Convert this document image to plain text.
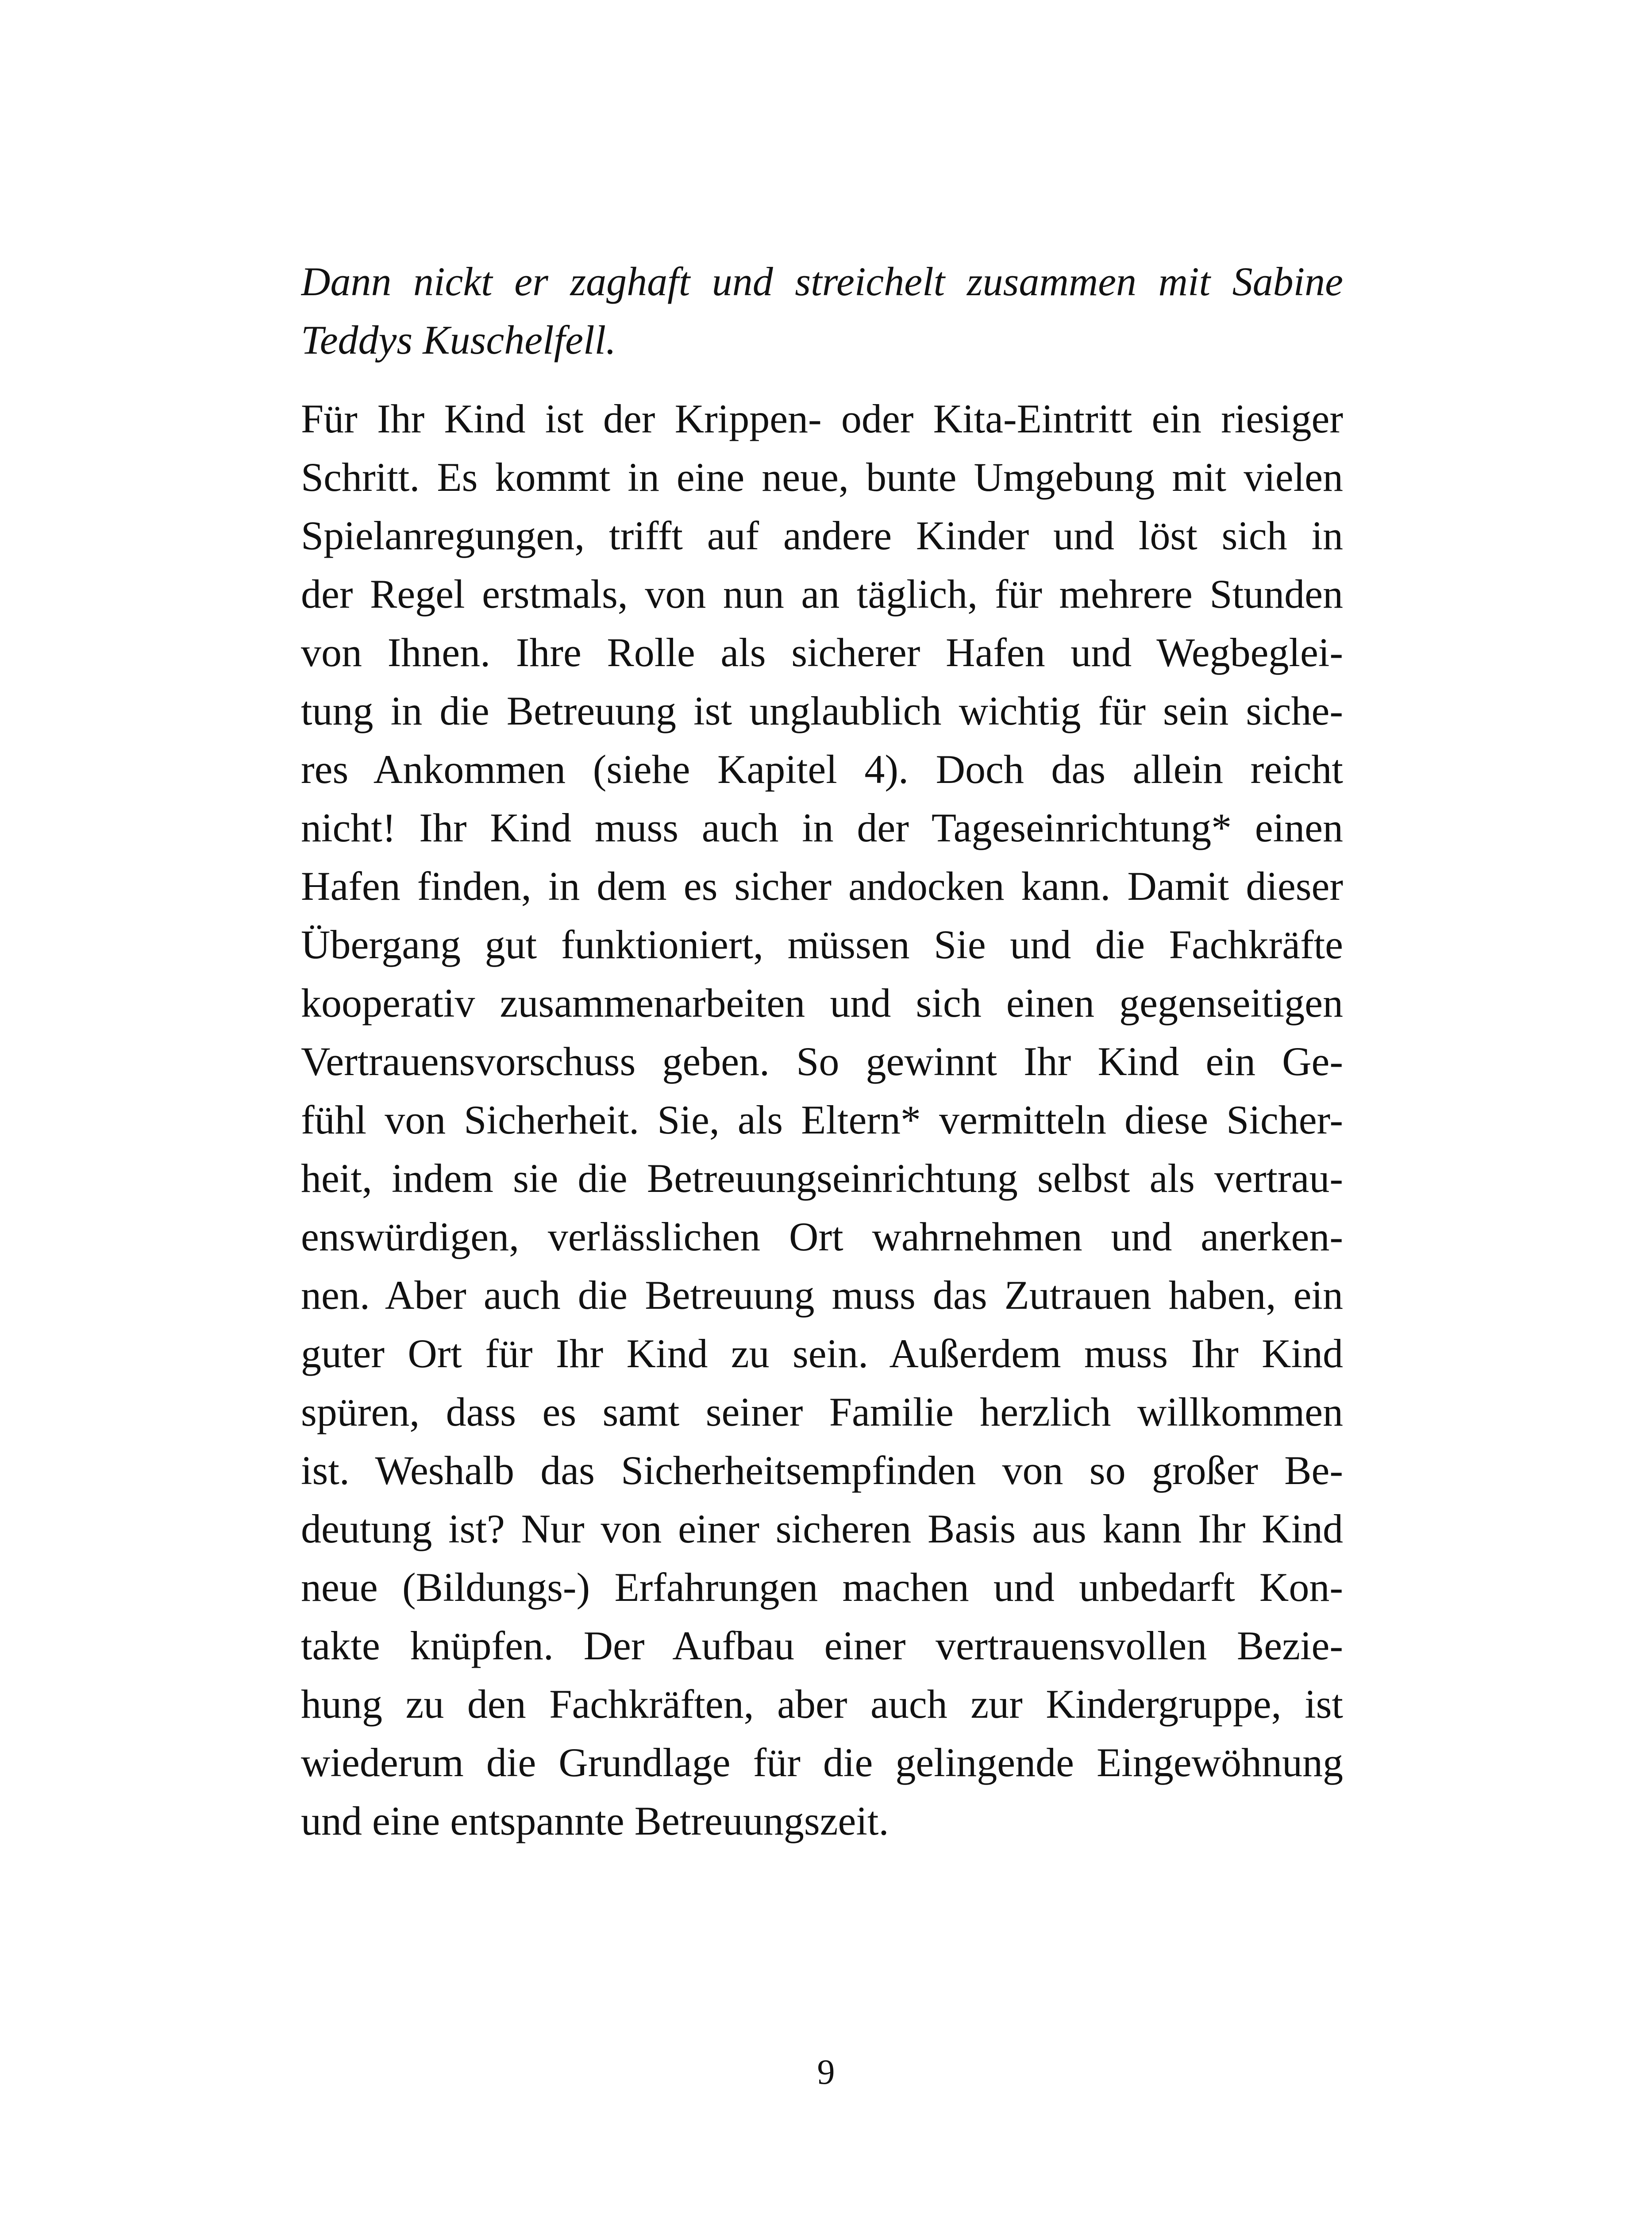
Dann nickt er zaghaft und streichelt zusammen mit Sabine
Teddys Kuschelfell.
Für Ihr Kind ist der Krippen- oder Kita-Eintritt ein riesiger
Schritt. Es kommt in eine neue, bunte Umgebung mit vielen
Spielanregungen, trifft auf andere Kinder und löst sich in
der Regel erstmals, von nun an täglich, für mehrere Stunden
von Ihnen. Ihre Rolle als sicherer Hafen und Wegbeglei-
tung in die Betreuung ist unglaublich wichtig für sein siche-
res Ankommen (siehe Kapitel 4). Doch das allein reicht
nicht! Ihr Kind muss auch in der Tageseinrichtung* einen
Hafen finden, in dem es sicher andocken kann. Damit dieser
Übergang gut funktioniert, müssen Sie und die Fachkräfte
kooperativ zusammenarbeiten und sich einen gegenseitigen
Vertrauensvorschuss geben. So gewinnt Ihr Kind ein Ge-
fühl von Sicherheit. Sie, als Eltern* vermitteln diese Sicher-
heit, indem sie die Betreuungseinrichtung selbst als vertrau-
enswürdigen, verlässlichen Ort wahrnehmen und anerken-
nen. Aber auch die Betreuung muss das Zutrauen haben, ein
guter Ort für Ihr Kind zu sein. Außerdem muss Ihr Kind
spüren, dass es samt seiner Familie herzlich willkommen
ist. Weshalb das Sicherheitsempfinden von so großer Be-
deutung ist? Nur von einer sicheren Basis aus kann Ihr Kind
neue (Bildungs-) Erfahrungen machen und unbedarft Kon-
takte knüpfen. Der Aufbau einer vertrauensvollen Bezie-
hung zu den Fachkräften, aber auch zur Kindergruppe, ist
wiederum die Grundlage für die gelingende Eingewöhnung
und eine entspannte Betreuungszeit.
9
